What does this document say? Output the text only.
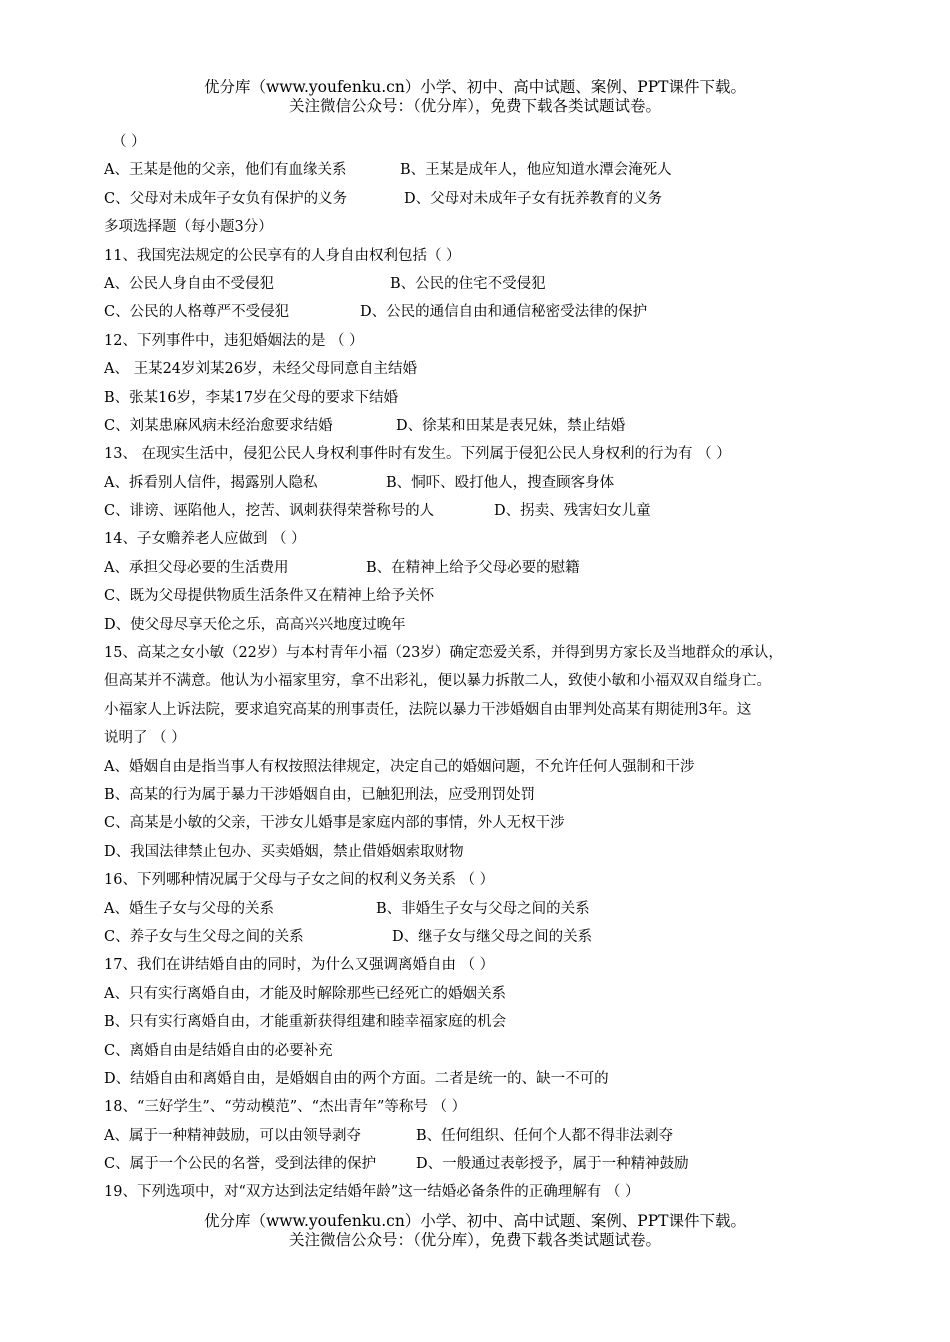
优分库（www.youfenku.cn）小学、初中、高中试题、案例、PPT课件下载。
关注微信公众号：（优分库），免费下载各类试题试卷。
（ ）
A、王某是他的父亲，他们有血缘关系	B、王某是成年人，他应知道水潭会淹死人
C、父母对未成年子女负有保护的义务	D、父母对未成年子女有抚养教育的义务
多项选择题（每小题3分）
11、我国宪法规定的公民享有的人身自由权利包括（ ）
A、公民人身自由不受侵犯	B、公民的住宅不受侵犯
C、公民的人格尊严不受侵犯	D、公民的通信自由和通信秘密受法律的保护
12、下列事件中，违犯婚姻法的是 （ ）
A、 王某24岁刘某26岁，未经父母同意自主结婚
B、张某16岁，李某17岁在父母的要求下结婚
C、刘某患麻风病未经治愈要求结婚	D、徐某和田某是表兄妹，禁止结婚
13、 在现实生活中，侵犯公民人身权利事件时有发生。下列属于侵犯公民人身权利的行为有 （ ）
A、拆看别人信件，揭露别人隐私	B、恫吓、殴打他人，搜查顾客身体
C、诽谤、诬陷他人，挖苦、讽刺获得荣誉称号的人	D、拐卖、残害妇女儿童
14、子女赡养老人应做到 （ ）
A、承担父母必要的生活费用	B、在精神上给予父母必要的慰籍
C、既为父母提供物质生活条件又在精神上给予关怀
D、使父母尽享天伦之乐，高高兴兴地度过晚年
15、高某之女小敏（22岁）与本村青年小福（23岁）确定恋爱关系，并得到男方家长及当地群众的承认，
但高某并不满意。他认为小福家里穷，拿不出彩礼，便以暴力拆散二人，致使小敏和小福双双自缢身亡。
小福家人上诉法院，要求追究高某的刑事责任，法院以暴力干涉婚姻自由罪判处高某有期徒刑3年。这
说明了 （ ）
A、婚姻自由是指当事人有权按照法律规定，决定自己的婚姻问题，不允许任何人强制和干涉
B、高某的行为属于暴力干涉婚姻自由，已触犯刑法，应受刑罚处罚
C、高某是小敏的父亲，干涉女儿婚事是家庭内部的事情，外人无权干涉
D、我国法律禁止包办、买卖婚姻，禁止借婚姻索取财物
16、下列哪种情况属于父母与子女之间的权利义务关系 （ ）
A、婚生子女与父母的关系	B、非婚生子女与父母之间的关系
C、养子女与生父母之间的关系	D、继子女与继父母之间的关系
17、我们在讲结婚自由的同时，为什么又强调离婚自由 （ ）
A、只有实行离婚自由，才能及时解除那些已经死亡的婚姻关系
B、只有实行离婚自由，才能重新获得组建和睦幸福家庭的机会
C、离婚自由是结婚自由的必要补充
D、结婚自由和离婚自由，是婚姻自由的两个方面。二者是统一的、缺一不可的
18、“三好学生”、“劳动模范”、“杰出青年”等称号 （ ）
A、属于一种精神鼓励，可以由领导剥夺	B、任何组织、任何个人都不得非法剥夺
C、属于一个公民的名誉，受到法律的保护	D、一般通过表彰授予，属于一种精神鼓励
19、下列选项中，对“双方达到法定结婚年龄”这一结婚必备条件的正确理解有 （ ）
优分库（www.youfenku.cn）小学、初中、高中试题、案例、PPT课件下载。
关注微信公众号：（优分库），免费下载各类试题试卷。
